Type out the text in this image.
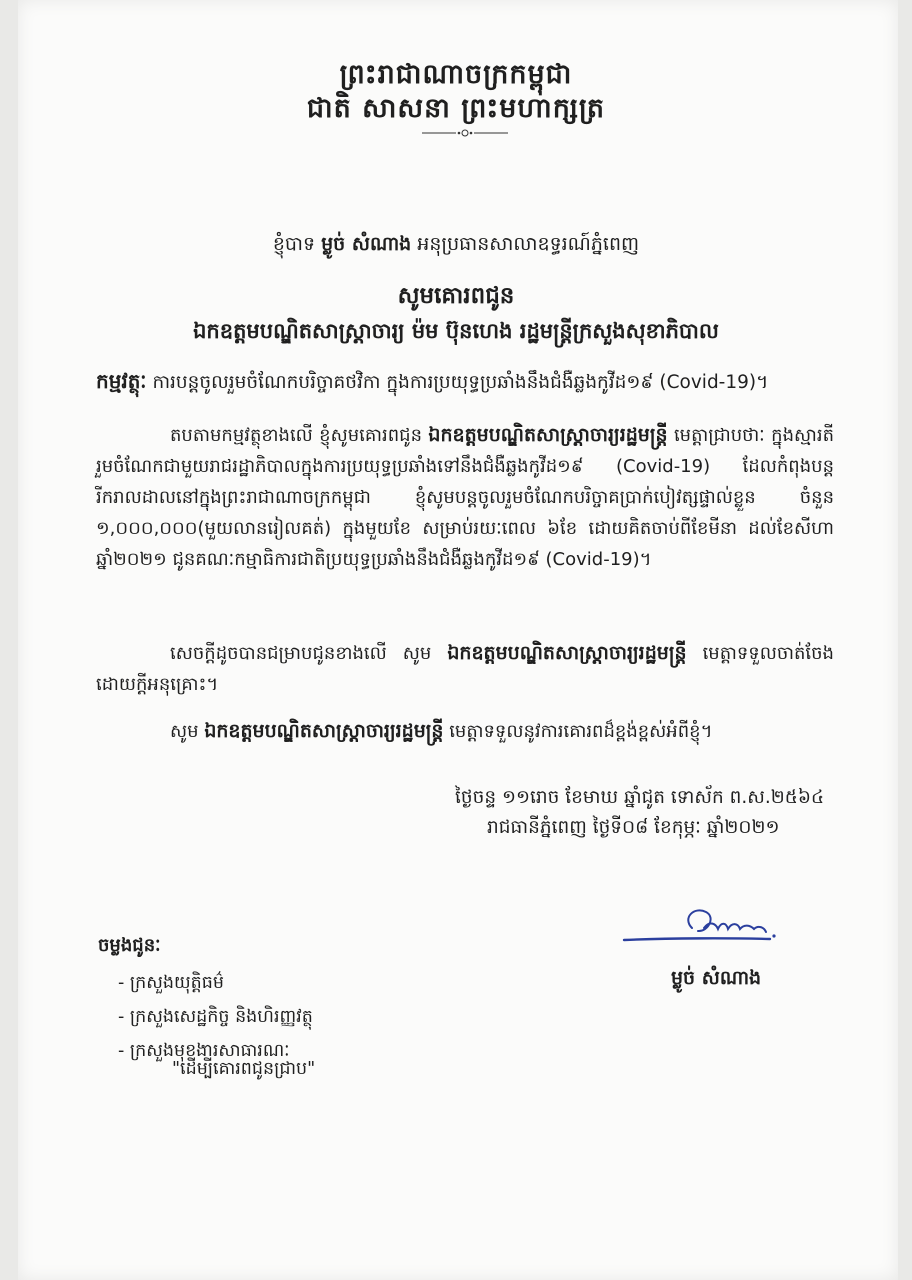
ព្រះរាជាណាចក្រកម្ពុជា
ជាតិ សាសនា ព្រះមហាក្សត្រ
ខ្ញុំបាទ ម្លូច់ សំណាង អនុប្រធានសាលាឧទ្ធរណ៍ភ្នំពេញ
សូមគោរពជូន
ឯកឧត្តមបណ្ឌិតសាស្ត្រាចារ្យ ម៉ម ប៊ុនហេង រដ្ឋមន្ត្រីក្រសួងសុខាភិបាល
កម្មវត្ថុៈ ការបន្តចូលរួមចំណែកបរិច្ចាគថវិកា ក្នុងការប្រយុទ្ធប្រឆាំងនឹងជំងឺឆ្លងកូវីដ១៩ (Covid-19)។
តបតាមកម្មវត្ថុខាងលើ ខ្ញុំសូមគោរពជូន ឯកឧត្តមបណ្ឌិតសាស្ត្រាចារ្យរដ្ឋមន្ត្រី មេត្តាជ្រាបថាៈ ក្នុងស្មារតីរួមចំណែកជាមួយរាជរដ្ឋាភិបាលក្នុងការប្រយុទ្ធប្រឆាំងទៅនឹងជំងឺឆ្លងកូវីដ១៩ (Covid-19) ដែលកំពុងបន្តរីករាលដាលនៅក្នុងព្រះរាជាណាចក្រកម្ពុជា ខ្ញុំសូមបន្តចូលរួមចំណែកបរិច្ចាគប្រាក់បៀវត្សផ្ទាល់ខ្លួន ចំនួន ១,០០០,០០០(មួយលានរៀលគត់) ក្នុងមួយខែ សម្រាប់រយៈពេល ៦ខែ ដោយគិតចាប់ពីខែមីនា ដល់ខែសីហា ឆ្នាំ២០២១ ជូនគណៈកម្មាធិការជាតិប្រយុទ្ធប្រឆាំងនឹងជំងឺឆ្លងកូវីដ១៩ (Covid-19)។
សេចក្ដីដូចបានជម្រាបជូនខាងលើ សូម ឯកឧត្តមបណ្ឌិតសាស្ត្រាចារ្យរដ្ឋមន្ត្រី មេត្តាទទួលចាត់ចែងដោយក្ដីអនុគ្រោះ។
សូម ឯកឧត្តមបណ្ឌិតសាស្ត្រាចារ្យរដ្ឋមន្ត្រី មេត្តាទទួលនូវការគោរពដ៏ខ្ពង់ខ្ពស់អំពីខ្ញុំ។
ថ្ងៃចន្ទ ១១រោច ខែមាឃ ឆ្នាំជូត ទោស័ក ព.ស.២៥៦៤
រាជធានីភ្នំពេញ ថ្ងៃទី០៨ ខែកុម្ភៈ ឆ្នាំ២០២១
ម្លូច់ សំណាង
ចម្លងជូនៈ
- ក្រសួងយុត្តិធម៌
- ក្រសួងសេដ្ឋកិច្ច និងហិរញ្ញវត្ថុ
- ក្រសួងមុខងារសាធារណៈ
"ដើម្បីគោរពជូនជ្រាប"
